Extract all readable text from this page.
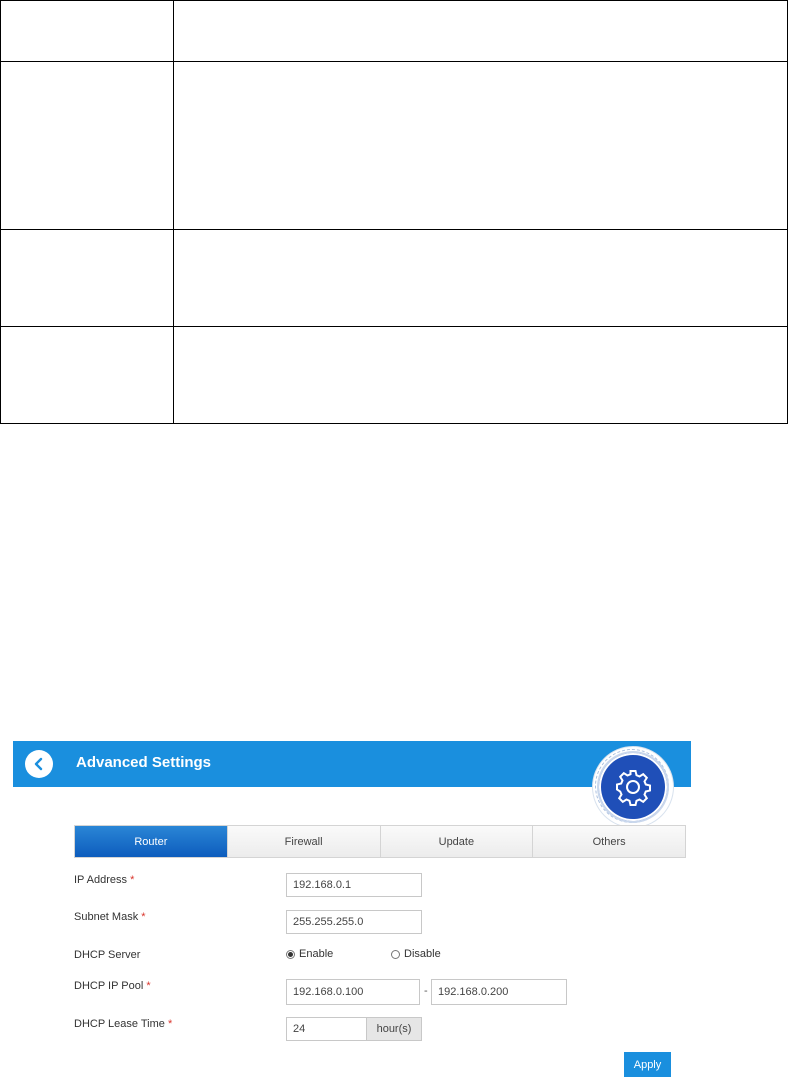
Advanced Settings
Router	Firewall	Update	Others
IP Address *
192.168.0.1
Subnet Mask *
255.255.255.0
DHCP Server	Enable	Disable
DHCP IP Pool *
192.168.0.100	-
192.168.0.200
DHCP Lease Time *
24	hour(s)
Apply
